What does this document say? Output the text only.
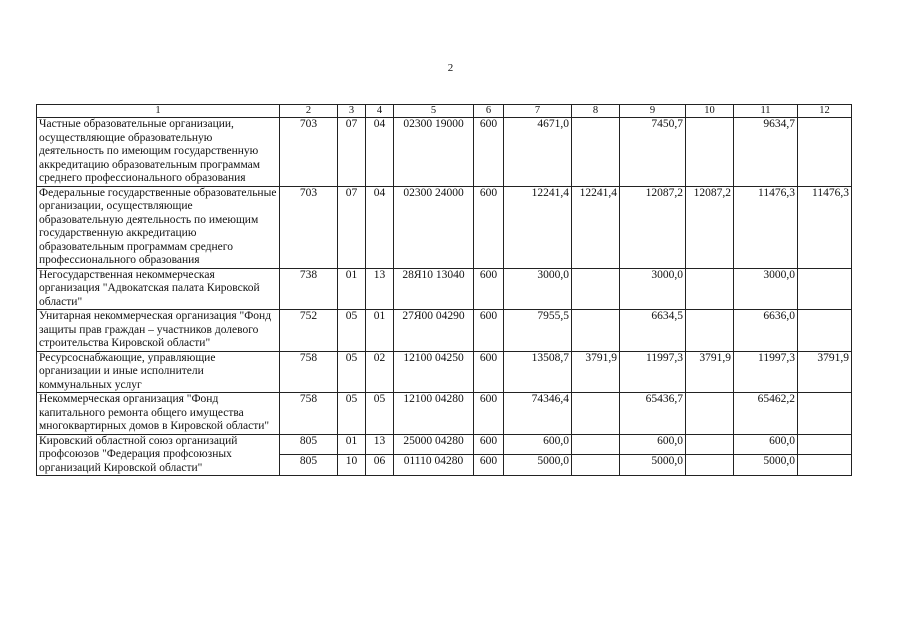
2
1	2	3	4	5	6	7	8	9	10	11	12
Частные образовательные организации, осуществляющие образовательную деятельность по имеющим государственную аккредитацию образовательным программам среднего профессионального образования	703	07	04	02300 19000	600	4671,0		7450,7		9634,7	
Федеральные государственные образовательные организации, осуществляющие образовательную деятельность по имеющим государственную аккредитацию образовательным программам среднего профессионального образования	703	07	04	02300 24000	600	12241,4	12241,4	12087,2	12087,2	11476,3	11476,3
Негосударственная некоммерческая организация "Адвокатская палата Кировской области"	738	01	13	28Я10 13040	600	3000,0		3000,0		3000,0	
Унитарная некоммерческая организация "Фонд защиты прав граждан – участников долевого строительства Кировской области"	752	05	01	27Я00 04290	600	7955,5		6634,5		6636,0	
Ресурсоснабжающие, управляющие организации и иные исполнители коммунальных услуг	758	05	02	12100 04250	600	13508,7	3791,9	11997,3	3791,9	11997,3	3791,9
Некоммерческая организация "Фонд капитального ремонта общего имущества многоквартирных домов в Кировской области"	758	05	05	12100 04280	600	74346,4		65436,7		65462,2	
Кировский областной союз организаций профсоюзов "Федерация профсоюзных организаций Кировской области"	805	01	13	25000 04280	600	600,0		600,0		600,0	
	805	10	06	01110 04280	600	5000,0		5000,0		5000,0	
